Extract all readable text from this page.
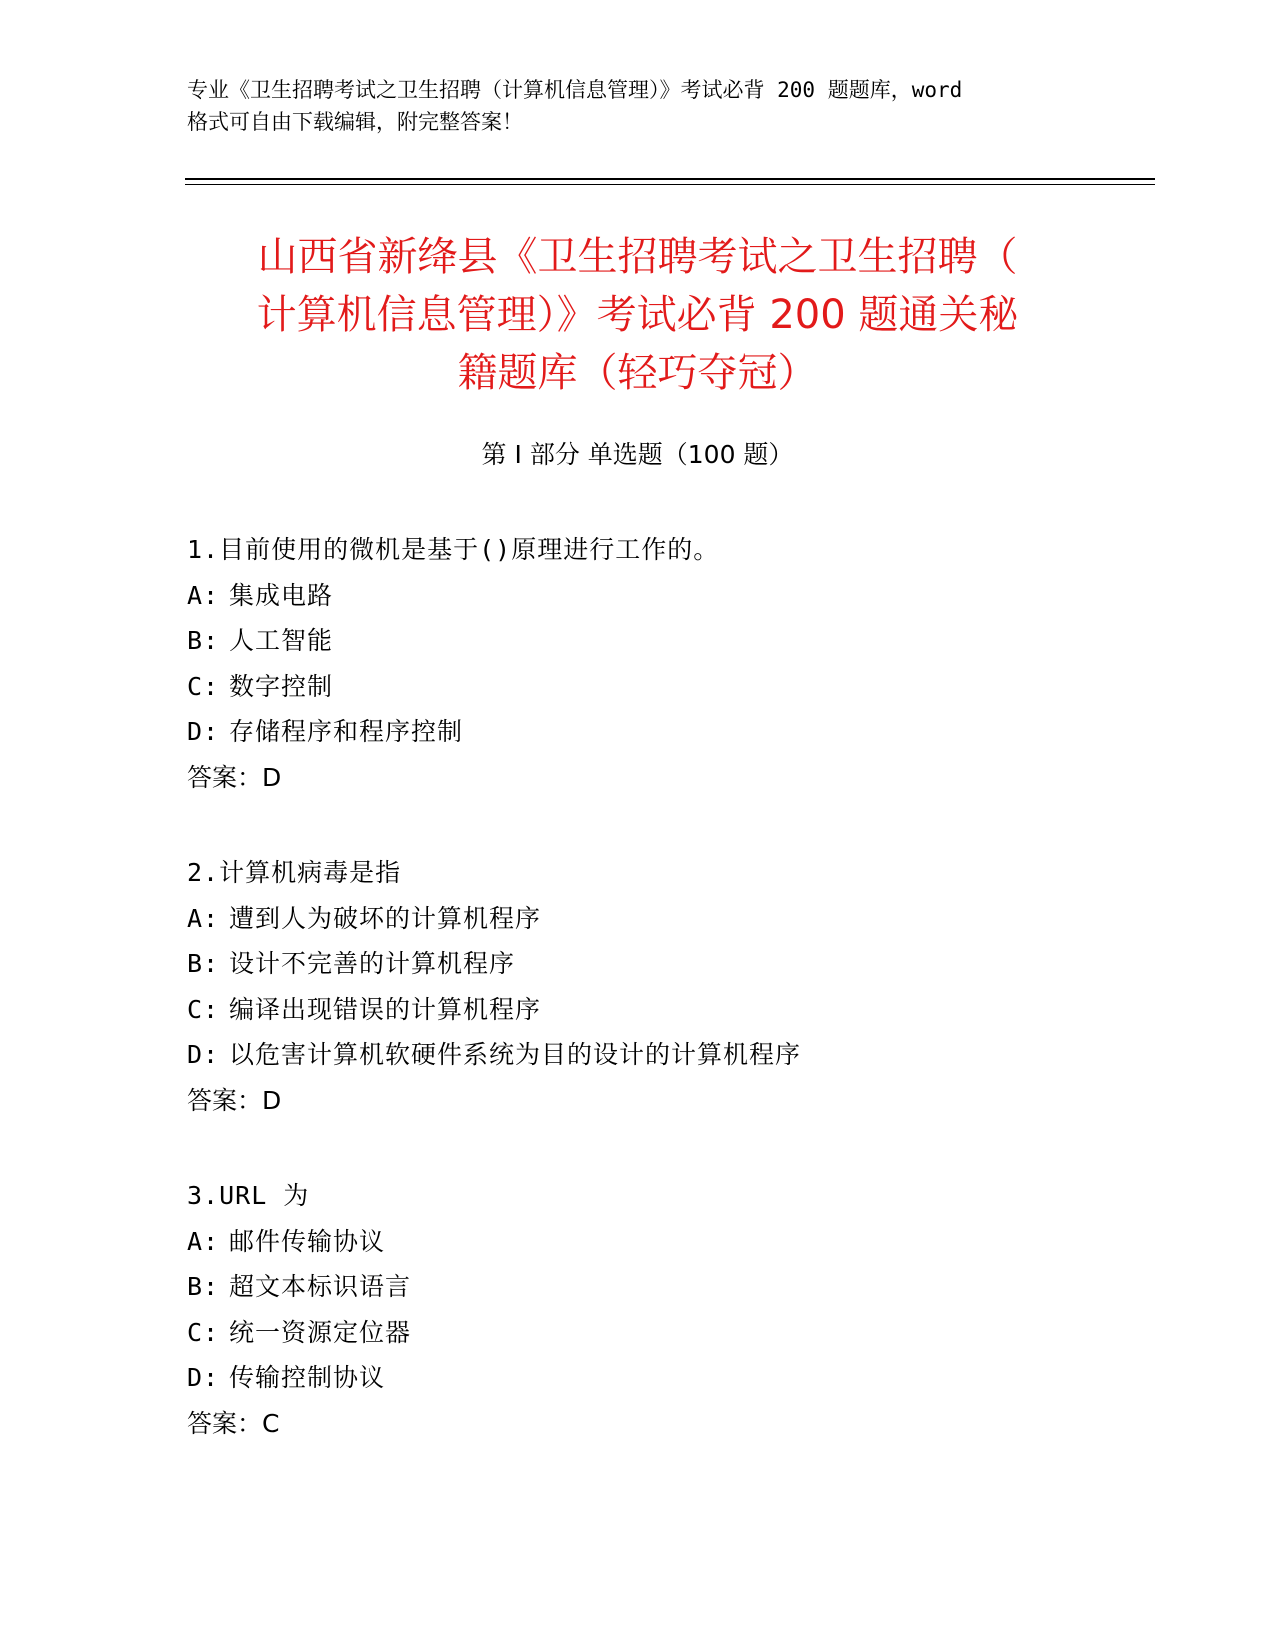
专业《卫生招聘考试之卫生招聘（计算机信息管理）》考试必背 200 题题库，word
格式可自由下载编辑，附完整答案！
山西省新绛县《卫生招聘考试之卫生招聘（
计算机信息管理）》考试必背 200 题通关秘
籍题库（轻巧夺冠）
第 I 部分 单选题（100 题）
1.目前使用的微机是基于()原理进行工作的。
A: 集成电路
B: 人工智能
C: 数字控制
D: 存储程序和程序控制
答案：D
2.计算机病毒是指
A: 遭到人为破坏的计算机程序
B: 设计不完善的计算机程序
C: 编译出现错误的计算机程序
D: 以危害计算机软硬件系统为目的设计的计算机程序
答案：D
3.URL 为
A: 邮件传输协议
B: 超文本标识语言
C: 统一资源定位器
D: 传输控制协议
答案：C
